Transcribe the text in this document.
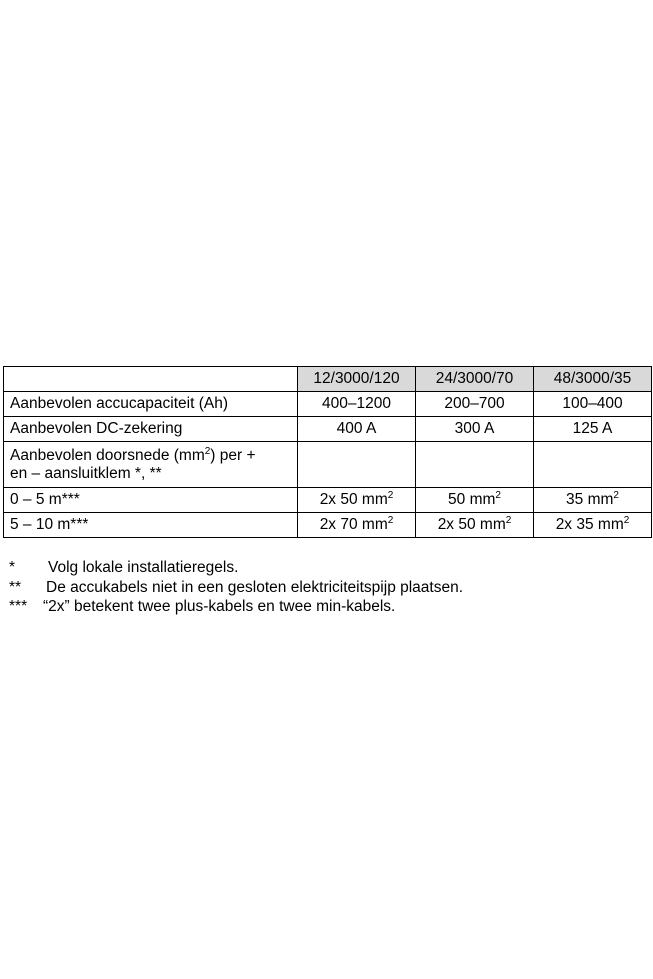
	12/3000/120	24/3000/70	48/3000/35
Aanbevolen accucapaciteit (Ah)	400–1200	200–700	100–400
Aanbevolen DC-zekering	400 A	300 A	125 A
Aanbevolen doorsnede $(mm^2)$ per +
en – aansluitklem *, **			
0 – 5 m***	2x 50 $mm^2$	50 $mm^2$	35 $mm^2$
5 – 10 m***	2x 70 $mm^2$	2x 50 $mm^2$	2x 35 $mm^2$
*	Volg lokale installatieregels.
**	De accukabels niet in een gesloten elektriciteitspijp plaatsen.
***	“2x” betekent twee plus-kabels en twee min-kabels.
